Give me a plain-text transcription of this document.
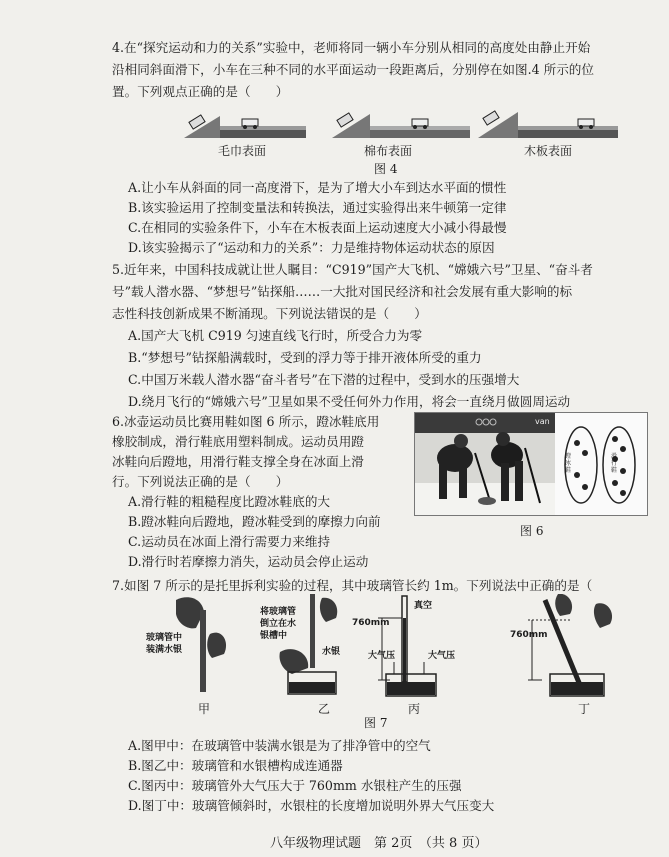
4.在“探究运动和力的关系”实验中，老师将同一辆小车分别从相同的高度处由静止开始
沿相同斜面滑下，小车在三种不同的水平面运动一段距离后，分别停在如图.4 所示的位
置。下列观点正确的是（　　）
毛巾表面	棉布表面	木板表面
图 4
A.让小车从斜面的同一高度滑下，是为了增大小车到达水平面的惯性
B.该实验运用了控制变量法和转换法，通过实验得出来牛顿第一定律
C.在相同的实验条件下，小车在木板表面上运动速度大小减小得最慢
D.该实验揭示了“运动和力的关系”：力是维持物体运动状态的原因
5.近年来，中国科技成就让世人瞩目：“C919”国产大飞机、“嫦娥六号”卫星、“奋斗者
号”载人潜水器、“梦想号”钻探船……一大批对国民经济和社会发展有重大影响的标
志性科技创新成果不断涌现。下列说法错误的是（　　）
A.国产大飞机 C919 匀速直线飞行时，所受合力为零
B.“梦想号”钻探船满载时，受到的浮力等于排开液体所受的重力
C.中国万米载人潜水器“奋斗者号”在下潜的过程中，受到水的压强增大
D.绕月飞行的“嫦娥六号”卫星如果不受任何外力作用，将会一直绕月做圆周运动
6.冰壶运动员比赛用鞋如图 6 所示，蹬冰鞋底用
橡胶制成，滑行鞋底用塑料制成。运动员用蹬
冰鞋向后蹬地，用滑行鞋支撑全身在冰面上滑
行。下列说法正确的是（　　）
A.滑行鞋的粗糙程度比蹬冰鞋底的大
B.蹬冰鞋向后蹬地，蹬冰鞋受到的摩擦力向前
C.运动员在冰面上滑行需要力来维持
D.滑行时若摩擦力消失，运动员会停止运动
van
蹬冰鞋
滑行鞋
图 6
7.如图 7 所示的是托里拆利实验的过程，其中玻璃管长约 1m。下列说法中正确的是（
玻璃管中
装满水银
将玻璃管
倒立在水
银槽中
水银
真空
760mm
大气压	大气压
760mm
甲	乙	丙	丁
图 7
A.图甲中：在玻璃管中装满水银是为了排净管中的空气
B.图乙中：玻璃管和水银槽构成连通器
C.图丙中：玻璃管外大气压大于 760mm 水银柱产生的压强
D.图丁中：玻璃管倾斜时，水银柱的长度增加说明外界大气压变大
八年级物理试题　第 2页　（共 8 页）
